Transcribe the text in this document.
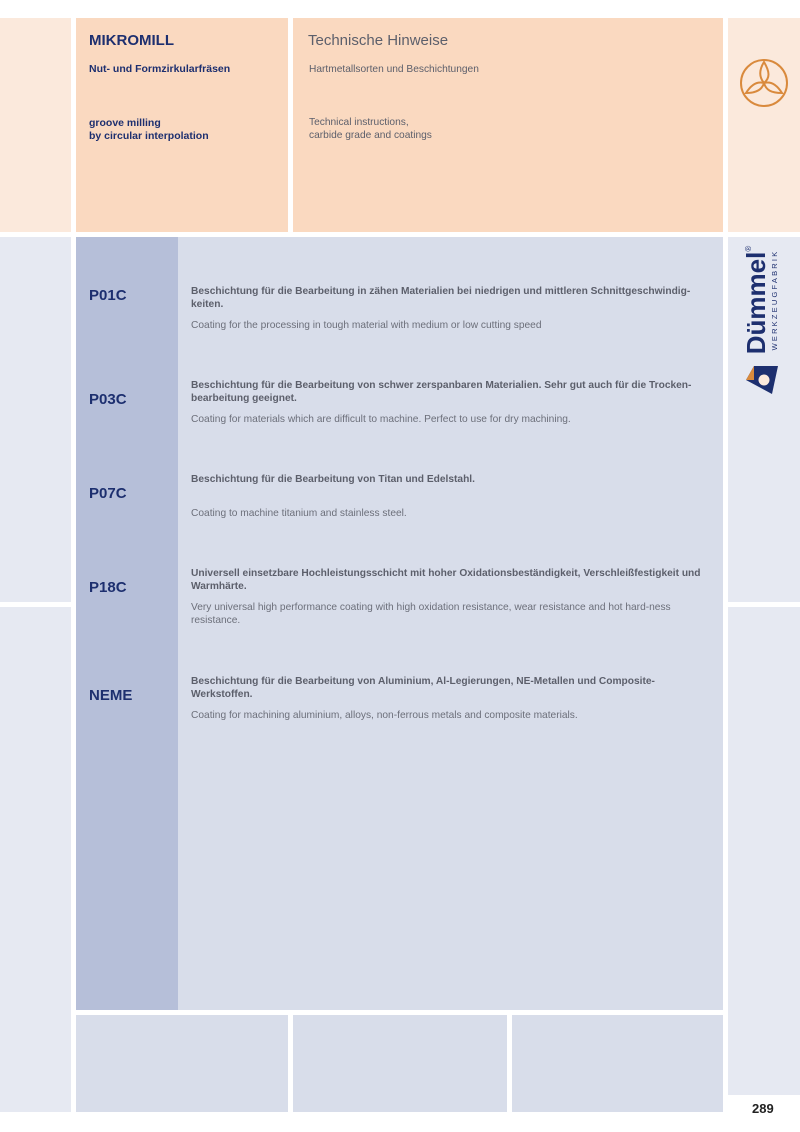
MIKROMILL
Nut- und Formzirkularfräsen
groove milling
by circular interpolation
Technische Hinweise
Hartmetallsorten und Beschichtungen
Technical instructions,
carbide grade and coatings
Dümmel®
WERKZEUGFABRIK
P01C	Beschichtung für die Bearbeitung in zähen Materialien bei niedrigen und mittleren Schnittgeschwindig-keiten.
Coating for the processing in tough material with medium or low cutting speed
P03C
Beschichtung für die Bearbeitung von schwer zerspanbaren Materialien. Sehr gut auch für die Trocken-bearbeitung geeignet.
Coating for materials which are difficult to machine. Perfect to use for dry machining.
P07C
Beschichtung für die Bearbeitung von Titan und Edelstahl.
Coating to machine titanium and stainless steel.
P18C
Universell einsetzbare Hochleistungsschicht mit hoher Oxidationsbeständigkeit, Verschleißfestigkeit und Warmhärte.
Very universal high performance coating with high oxidation resistance, wear resistance and hot hard-ness resistance.
NEME
Beschichtung für die Bearbeitung von Aluminium, Al-Legierungen, NE-Metallen und Composite-Werkstoffen.
Coating for machining aluminium, alloys, non-ferrous metals and composite materials.
289
